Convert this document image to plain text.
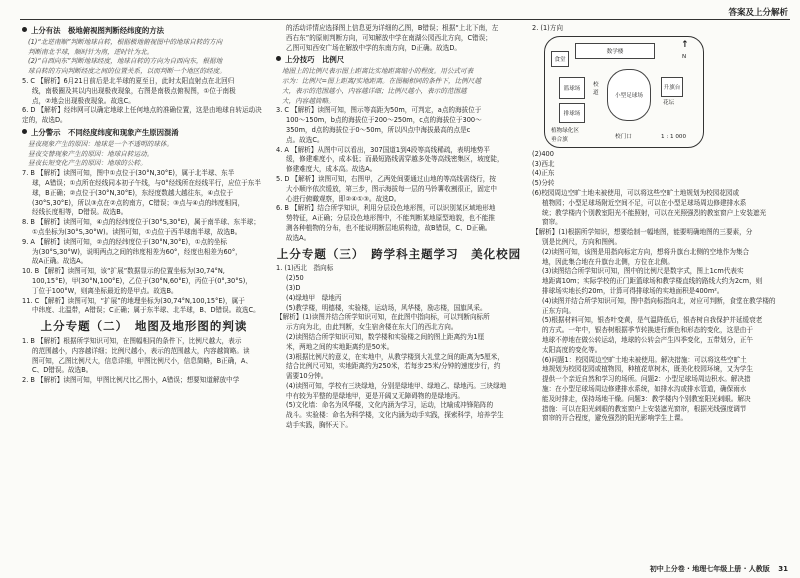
答案及上分解析
上分有法　极地俯视图判断经纬度的方法
(1)“北逆南顺”判断地球自转，根据极地俯视图中的地球自转的方向
判断南北半球，顺时针为南，逆时针为北。
(2)“自西向东”判断地球经度，地球自转的方向为自西向东，根据地
球自转的方向判断经度之间的位置关系，以而判断一个地区的经度。
5. C 【解析】6月21日前后是北半球的夏至日，此时太阳直射点在北回归
线，南极圈及其以内出现极夜现象，右图是南极点俯视图，①位于南极
点，②地会出现极夜现象。故选C。
6. D 【解析】经纬网可以确定地球上任何地点的准确位置，这是由地球自转运动决定的，故选D。
上分警示　不同经度纬度和现象产生原因混淆
昼夜现象产生的原因：地球是一个不透明的球体。
昼夜交替现象产生的原因：地球自转运动。
昼夜长短变化产生的原因：地球的公转。
7. B 【解析】读图可知，图中①点位于(30°N,30°E)，属于北半球、东半
球，A错误；①点所在经线同本初子午线，与0°经线所在经线平行，应位于东半
球，B正确；②点位于(30°N,30°E)，东经度数越大越往东，④点位于
(30°S,30°E)，所以③点在②点的南方，C错误；③点与④点的纬度相同，
经线长度相等，D错误。故选B。
8. B 【解析】读图可知，④点的经纬度位于(30°S,30°E)，属于南半球、东半球；
①点坐标为(30°S,30°W)。读图可知，①点位于西半球南半球，故选B。
9. A 【解析】读图可知，②点的经纬度位于(30°N,30°E)，①点的坐标
为(30°S,30°W)，说明两点之间的纬度相差为60°，经度也相差为60°，
故A正确。故选A。
10. B 【解析】读图可知，该“扩展”数据显示的位置坐标为(30,74°N,
100,15°E)，甲(30°N,100°E)，乙位于(30°N,60°E)，丙位于(0°,30°S)，
丁位于100°W，则离坐标最近的是甲点。故选B。
11. C 【解析】读图可知，“扩展”的地理坐标为(30,74°N,100,15°E)，属于
中纬度、北温带，A错误；C正确；属于东半球、北半球，B、D错误。故选C。
上分专题（二）　地图及地形图的判读
1. B 【解析】根据所学知识可知，在图幅相同的条件下，比例尺越大，表示
的范围越小，内容越详细；比例尺越小，表示的范围越大，内容越简略。读
图可知，乙图比例尺大，信息详细，甲图比例尺小，信息简略，B正确，A、
C、D错误。故选B。
2. B 【解析】读图可知，甲图比例尺比乙图小，A错误；想要知道解放中学
的活动详情应选择图上信息更为详细的乙图，B错误；根据“上北下南，左
西右东”的原则判断方向，可知解放中学在南湖公园西北方向，C错误；
乙图可知西安广场在解放中学的东南方向，D正确。故选D。
上分技巧　比例尺
地图上的比例尺表示图上距离比实地距离缩小的程度。用公式可表
示为：比例尺=图上距离/实地距离。在图幅相同的条件下，比例尺越
大，表示的范围越小，内容越详细；比例尺越小，表示的范围越
大，内容越简略。
3. C 【解析】读图可知，图示等高距为50m，可判定，a点的海拔位于
100～150m，b点的海拔位于200～250m，c点的海拔位于300～
350m，d点的海拔位于0～50m，所以四点中海拔最高的点是c
点。故选C。
4. A 【解析】从图中可以看出，307国道1到4段等高线稀疏，表明地势平
缓，修建难度小，成本低；而最短路线需穿越多处等高线密集区，坡度陡，
修建难度大，成本高。故选A。
5. D 【解析】读图可知，右图甲，乙两处间要通过山地的等高线需绕行，按
大小顺序依次缓放，第三步，图示海拔每一层的马铃薯收割很正，固定中
心进行俯瞰观察，即②④①③。故选D。
6. B 【解析】结合所学知识，利用分层设色地形图，可以识别某区域地形地
势特征，A正确；分层设色地形图中，不能判断某地原型地貌，也不能推
测各种植物的分布，也不能说明断层地质构造，故B错误，C、D正确。
故选A。
上分专题（三）　跨学科主题学习　美化校园
1. (1)西北　指向标
(2)50
(3)D
(4)绿地甲　绿地丙
(5)教学楼，明德楼，实验楼，运动场，风华楼，励志楼，国旗风采。
【解析】(1)读图并结合所学知识可知，在此图中指向标，可以判断向标所
示方向为北，由此判断，女生宿舍楼在东大门的西北方向。
(2)读图结合所学知识可知，数学楼和实验楼之间的图上距离约为1厘
米，两地之间的实地距离约是50米。
(3)根据比例尺的意义，在实地中，从教学楼到大礼堂之间的距离为5厘米，
结合比例尺可知，实地距离约为250米，若每步25米/分钟的速度步行，约
需要10分钟。
(4)读图可知，学校有三块绿地，分别是绿地甲、绿地乙、绿地丙。三块绿地
中有较为平整的是绿地甲，更是开阔又无障碍物的是绿地丙。
(5)文化墙：命名为风华楼，文化内涵为学习，运动，比喻成冲锋陷阵的
战斗。实验楼：命名为科学楼，文化内涵为动手实践，探索科学，培养学生
动手实践，胸怀天下。
2. (1)方向
食堂
数学楼
篮球场
排球场
校道	小型足球场
升旗台
花坛
植物绿化区
垂合旗	校门口	1 : 1 000
↑
N
(2)400
(3)西北
(4)正东
(5)分转
(6)校园周边空旷土地未被使用，可以将这些空旷土地规划为校园花园或
植物园；小型足球场附近空间不足，可以在小型足球场周边修建排水系
统；教学楼内个别教室阳光不能照射，可以在光照强烈的教室窗户上安装遮光
窗帘。
【解析】(1)根据所学知识，想要绘制一幅地图，能要明确地图的三要素，分
别是比例尺，方向和图例。
(2)读图可知，该图是用指向标定方向，想将升旗台北侧的空地作为集合
地，因此集合地在升旗台北侧，方位在北侧。
(3)读图结合所学知识可知，图中的比例尺是数字式，图上1cm代表实
地距离10m；实际学校的正门距篮球场和教学楼直线的路线大约为2cm，则
排球场实地长约20m，计算可得排球场的实地面积是400m²。
(4)读图并结合所学知识可知，图中指向标指向北，对应可判断，食堂在教学楼的
正东方向。
(5)根据材料可知，银杏叶变黄，是气温降低后，银杏树自我保护并延缓衰老
的方式。一年中，银杏树根据季节转换进行颜色和形态的变化，这是由于
地球不停地在做公转运动，地球的公转会产生四季变化，五带划分，正午
太阳高度的变化等。
(6)问题1：校园周边空旷土地未被使用。解决措施：可以将这些空旷土
地规划为校园花园或植物园，种植花草树木，既美化校园环境，又为学生
提供一个亲近自然和学习的场所。问题2：小型足球场周边积水。解决措
施：在小型足球场周边修建排水系统，如排水沟或排水管道，确保雨水
能及时排走，保持场地干燥。问题3：教学楼内个别教室阳光刺眼。解决
措施：可以在阳光刺眼的教室窗户上安装遮光窗帘，根据光线强度调节
窗帘的开合程度，避免强烈的阳光影响学生上课。
初中上分卷 · 地理七年级上册 · 人教版 31
